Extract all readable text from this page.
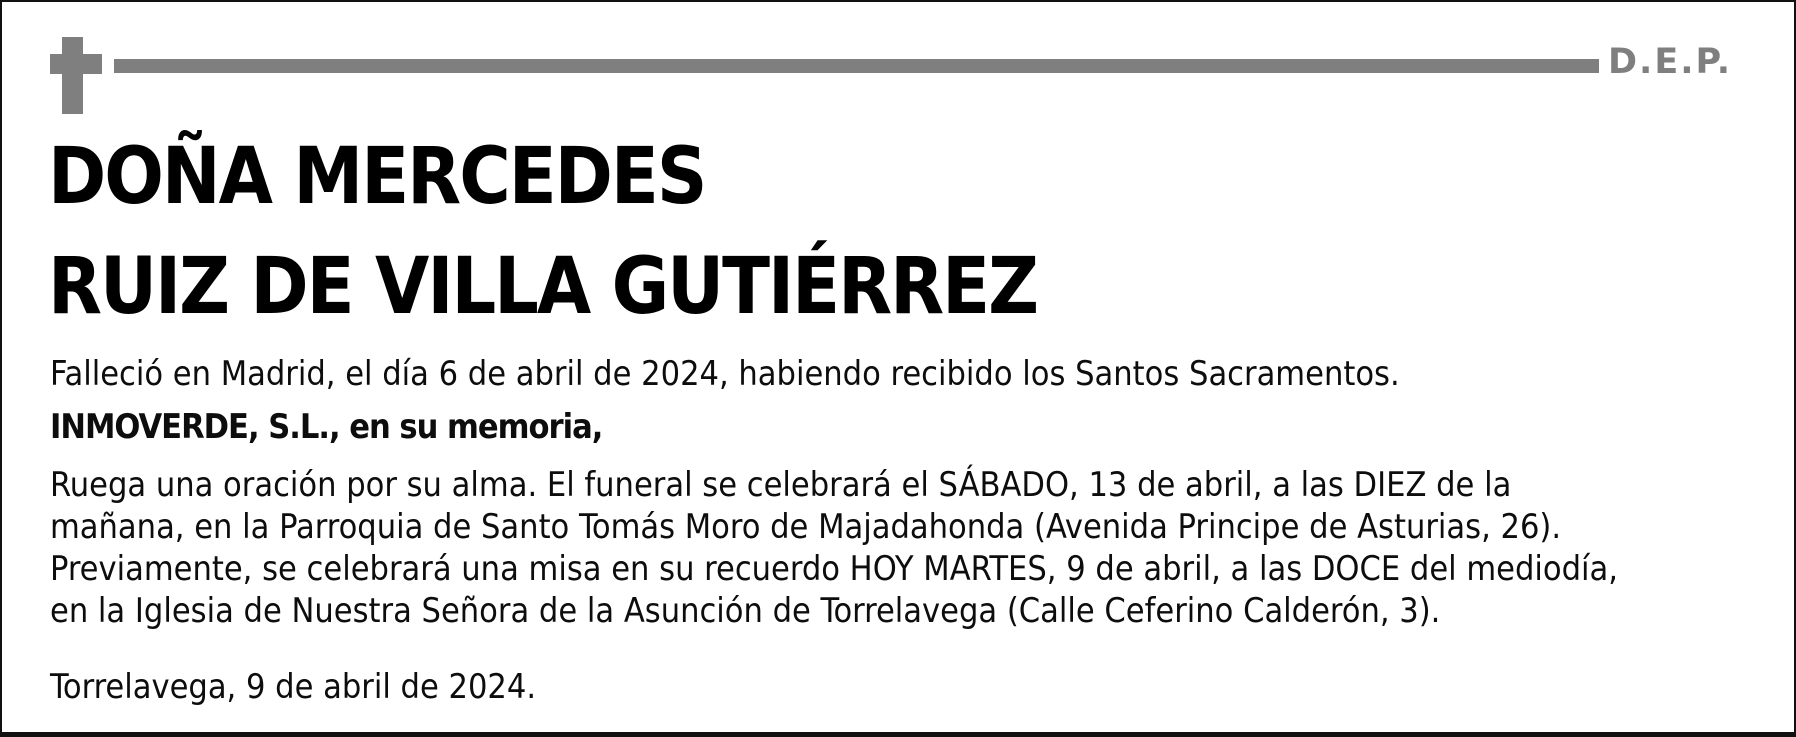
D.E.P.
DOÑA MERCEDES
RUIZ DE VILLA GUTIÉRREZ
Falleció en Madrid, el día 6 de abril de 2024, habiendo recibido los Santos Sacramentos.
INMOVERDE, S.L., en su memoria,
Ruega una oración por su alma. El funeral se celebrará el SÁBADO, 13 de abril, a las DIEZ de la
mañana, en la Parroquia de Santo Tomás Moro de Majadahonda (Avenida Principe de Asturias, 26).
Previamente, se celebrará una misa en su recuerdo HOY MARTES, 9 de abril, a las DOCE del mediodía,
en la Iglesia de Nuestra Señora de la Asunción de Torrelavega (Calle Ceferino Calderón, 3).
Torrelavega, 9 de abril de 2024.
